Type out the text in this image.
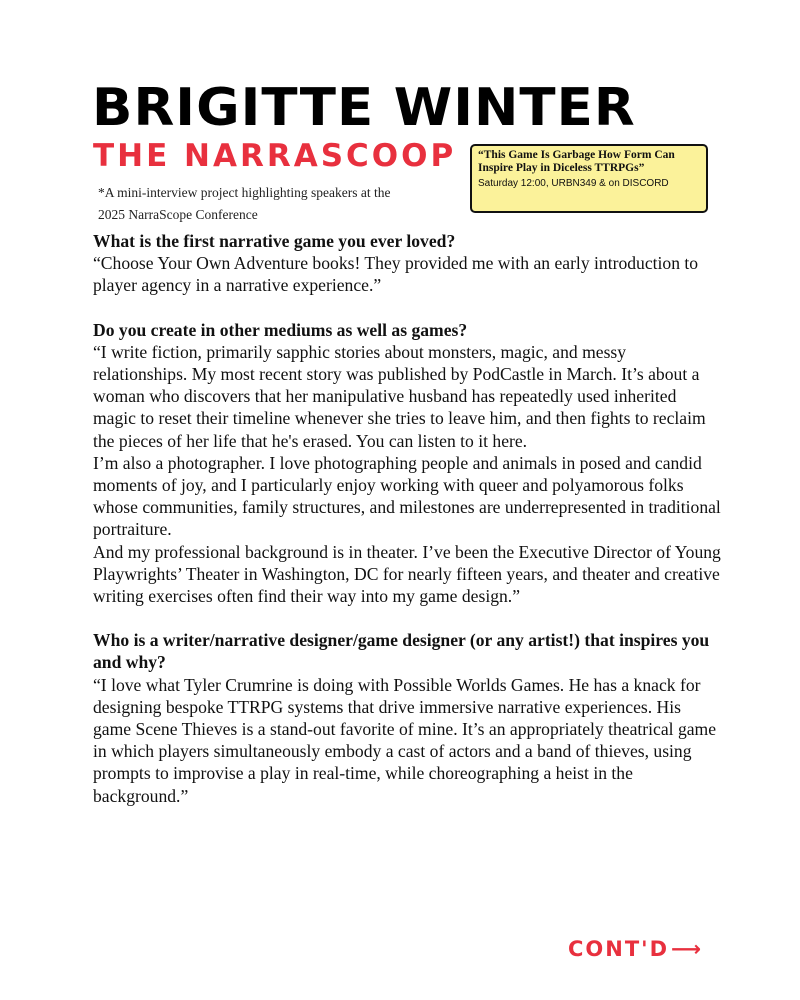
BRIGITTE WINTER
THE NARRASCOOP
*A mini-interview project highlighting speakers at the
2025 NarraScope Conference
“This Game Is Garbage How Form Can Inspire Play in Diceless TTRPGs”
Saturday 12:00, URBN349 & on DISCORD
What is the first narrative game you ever loved?
“Choose Your Own Adventure books! They provided me with an early introduction to player agency in a narrative experience.”
Do you create in other mediums as well as games?
“I write fiction, primarily sapphic stories about monsters, magic, and messy relationships. My most recent story was published by PodCastle in March. It’s about a woman who discovers that her manipulative husband has repeatedly used inherited magic to reset their timeline whenever she tries to leave him, and then fights to reclaim the pieces of her life that he's erased. You can listen to it here.
I’m also a photographer. I love photographing people and animals in posed and candid moments of joy, and I particularly enjoy working with queer and polyamorous folks whose communities, family structures, and milestones are underrepresented in traditional portraiture.
And my professional background is in theater. I’ve been the Executive Director of Young Playwrights’ Theater in Washington, DC for nearly fifteen years, and theater and creative writing exercises often find their way into my game design.”
Who is a writer/narrative designer/game designer (or any artist!) that inspires you and why?
“I love what Tyler Crumrine is doing with Possible Worlds Games. He has a knack for designing bespoke TTRPG systems that drive immersive narrative experiences. His game Scene Thieves is a stand-out favorite of mine. It’s an appropriately theatrical game in which players simultaneously embody a cast of actors and a band of thieves, using prompts to improvise a play in real-time, while choreographing a heist in the background.”
CONT'D⟶
